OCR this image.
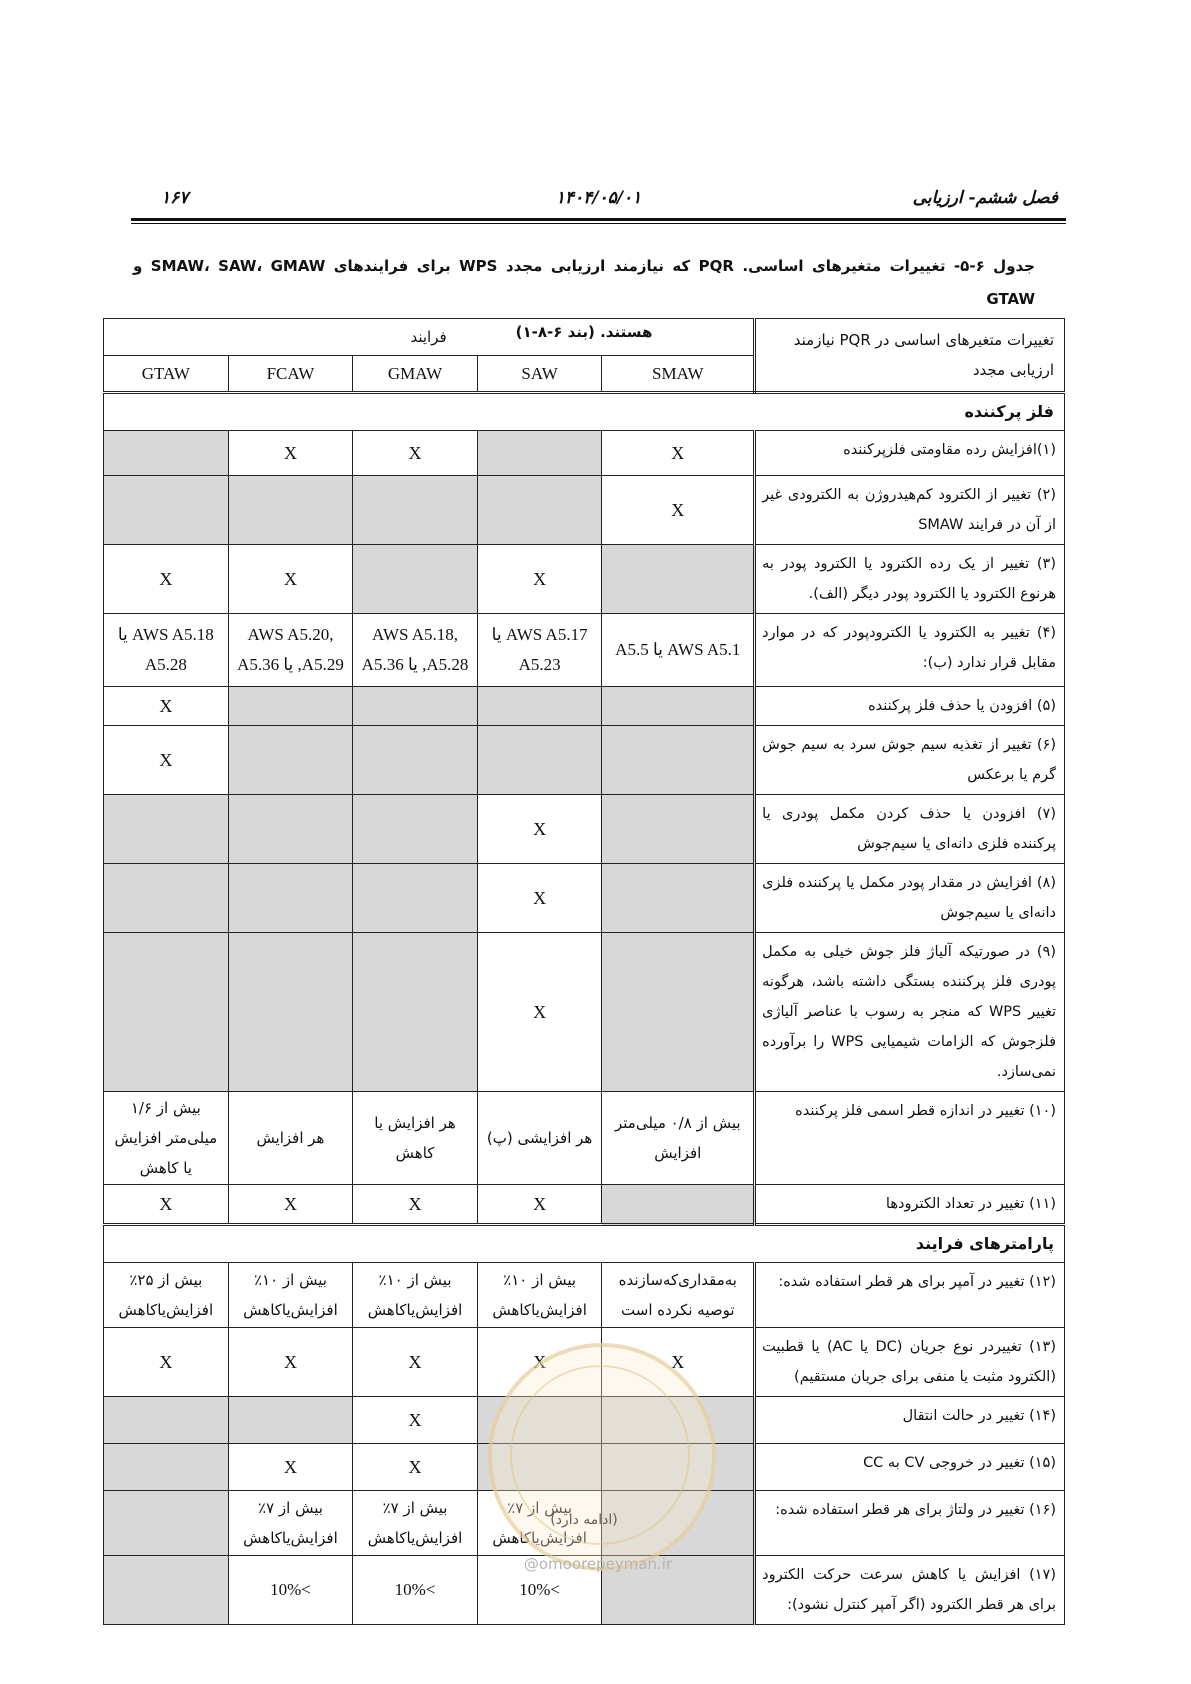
فصل ششم- ارزیابی
۱۴۰۴/۰۵/۰۱
۱۶۷
جدول ۶-۵- تغییرات متغیرهای اساسی. PQR که نیازمند ارزیابی مجدد WPS برای فرایندهای SMAW، SAW، GMAW و GTAW
هستند. (بند ۶-۸-۱)	تغییرات متغیرهای اساسی در PQR نیازمند ارزیابی مجدد	فرایند				
	SMAW	SAW	GMAW	FCAW	GTAW
فلز پرکننده					
(۱)افزایش رده مقاومتی فلزپرکننده	X		X	X	
(۲) تغییر از الکترود کم‌هیدروژن به الکترودی غیر از آن در فرایند SMAW	X				
(۳) تغییر از یک رده الکترود یا الکترود پودر به هرنوع الکترود یا الکترود پودر دیگر (الف).		X		X	X
(۴) تغییر به الکترود یا الکترودپودر که در موارد مقابل قرار ندارد (ب):	AWS A5.1 یا A5.5	AWS A5.17 یا A5.23	AWS A5.18, A5.28, یا A5.36	AWS A5.20, A5.29, یا A5.36	AWS A5.18 یا A5.28
(۵) افزودن یا حذف فلز پرکننده					X
(۶) تغییر از تغذیه سیم جوش سرد به سیم جوش گرم یا برعکس					X
(۷) افزودن یا حذف کردن مکمل پودری یا پرکننده فلزی دانه‌ای یا سیم‌جوش		X			
(۸) افزایش در مقدار پودر مکمل یا پرکننده فلزی دانه‌ای یا سیم‌جوش		X			
(۹) در صورتیکه آلیاژ فلز جوش خیلی به مکمل پودری فلز پرکننده بستگی داشته باشد، هرگونه تغییر WPS که منجر به رسوب با عناصر آلیاژی فلزجوش که الزامات شیمیایی WPS را برآورده نمی‌سازد.		X			
(۱۰) تغییر در اندازه قطر اسمی فلز پرکننده	بیش از ۰/۸ میلی‌متر افزایش	هر افزایشی (پ)	هر افزایش یا کاهش	هر افزایش	بیش از ۱/۶ میلی‌متر افزایش یا کاهش
(۱۱) تغییر در تعداد الکترودها		X	X	X	X
پارامترهای فرایند					
(۱۲) تغییر در آمپر برای هر قطر استفاده شده:	به‌مقداری‌که‌سازنده توصیه نکرده است	بیش از ۱۰٪ افزایش‌یاکاهش	بیش از ۱۰٪ افزایش‌یاکاهش	بیش از ۱۰٪ افزایش‌یاکاهش	بیش از ۲۵٪ افزایش‌یاکاهش
(۱۳) تغییردر نوع جریان (DC یا AC) یا قطبیت (الکترود مثبت یا منفی برای جریان مستقیم)	X	X	X	X	X
(۱۴) تغییر در حالت انتقال			X		
(۱۵) تغییر در خروجی CV به CC			X	X	
(۱۶) تغییر در ولتاژ برای هر قطر استفاده شده:		بیش از ۷٪ افزایش‌یاکاهش	بیش از ۷٪ افزایش‌یاکاهش	بیش از ۷٪ افزایش‌یاکاهش	
(۱۷) افزایش یا کاهش سرعت حرکت الکترود برای هر قطر الکترود (اگر آمپر کنترل نشود):		>10%	>10%	>10%	
(ادامه دارد)
@omoorepeyman.ir
